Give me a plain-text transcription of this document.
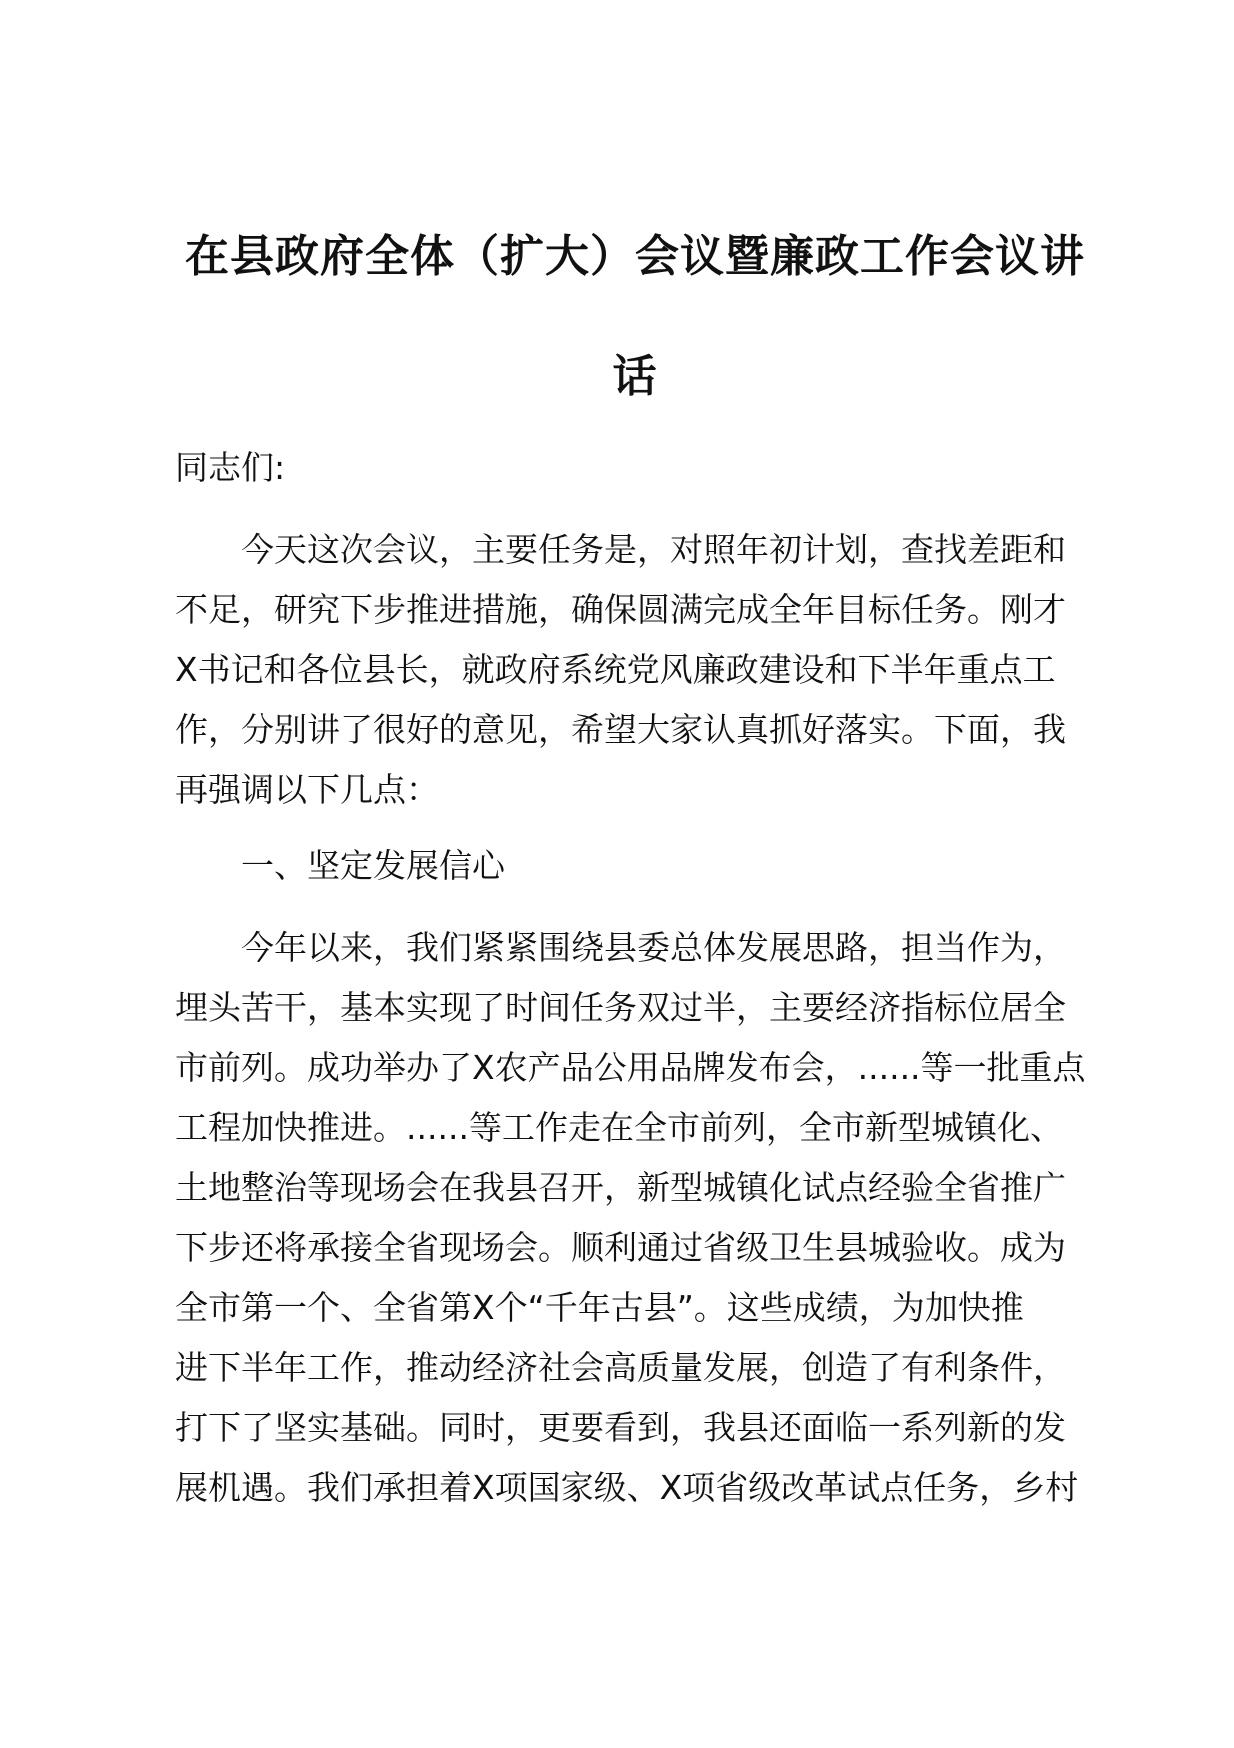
在县政府全体（扩大）会议暨廉政工作会议讲
话

同志们:

今天这次会议，主要任务是，对照年初计划，查找差距和
不足，研究下步推进措施，确保圆满完成全年目标任务。刚才
X书记和各位县长，就政府系统党风廉政建设和下半年重点工
作，分别讲了很好的意见，希望大家认真抓好落实。下面，我
再强调以下几点：

一、坚定发展信心

今年以来，我们紧紧围绕县委总体发展思路，担当作为，
埋头苦干，基本实现了时间任务双过半，主要经济指标位居全
市前列。成功举办了X农产品公用品牌发布会，......等一批重点
工程加快推进。......等工作走在全市前列，全市新型城镇化、
土地整治等现场会在我县召开，新型城镇化试点经验全省推广
下步还将承接全省现场会。顺利通过省级卫生县城验收。成为
全市第一个、全省第X个“千年古县”。这些成绩，为加快推
进下半年工作，推动经济社会高质量发展，创造了有利条件，
打下了坚实基础。同时，更要看到，我县还面临一系列新的发
展机遇。我们承担着X项国家级、X项省级改革试点任务，乡村
